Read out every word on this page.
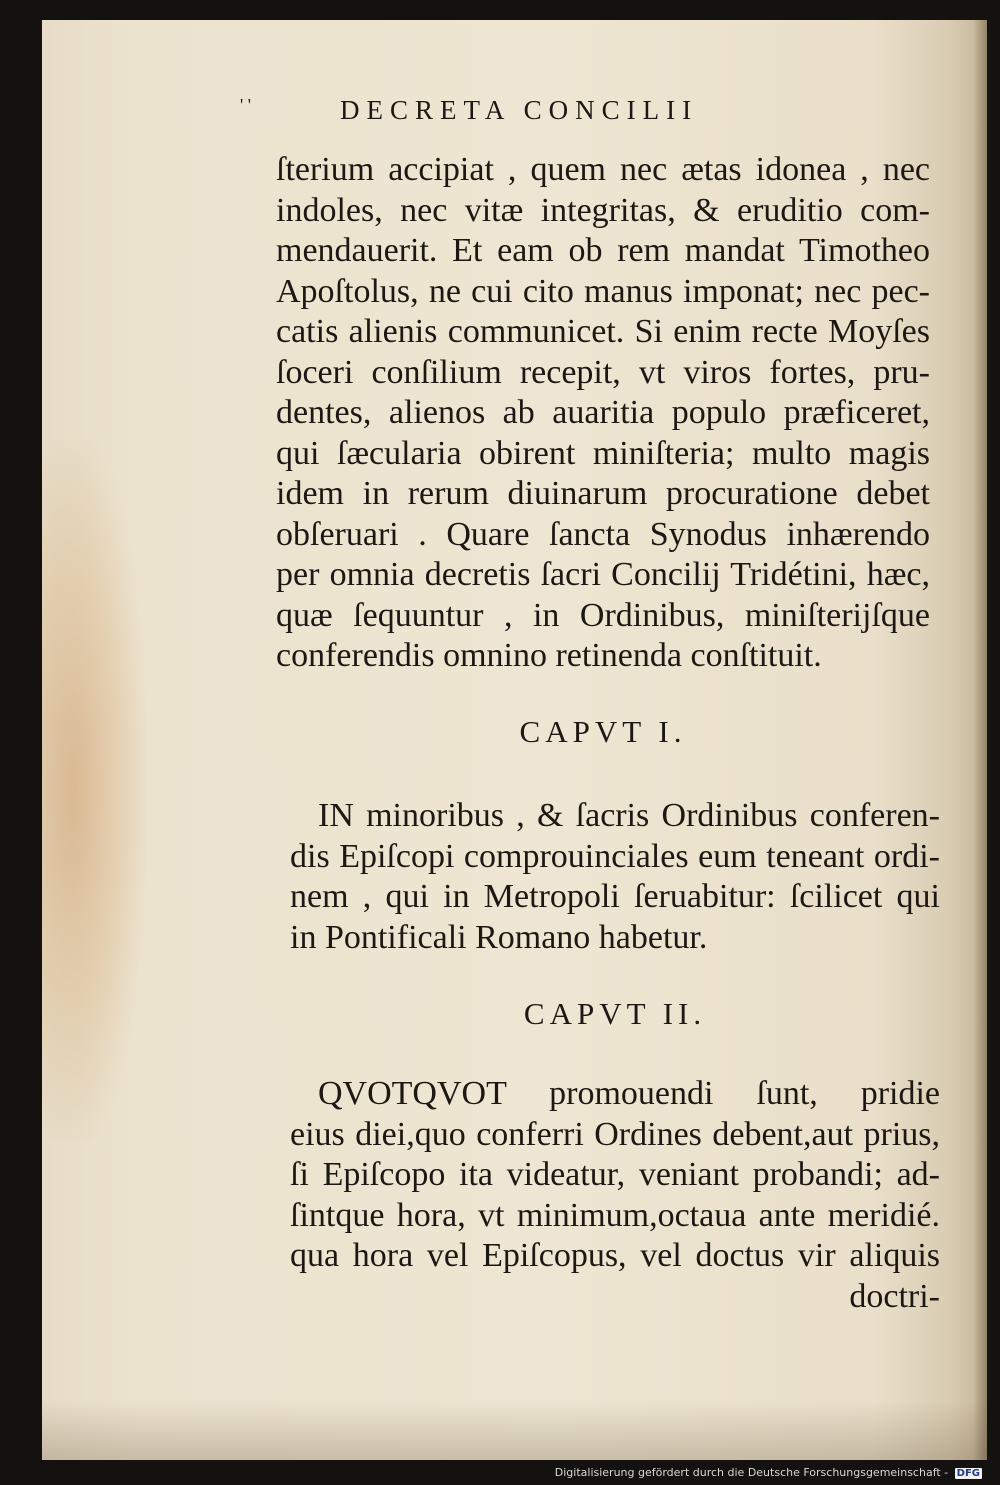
' '	DECRETA CONCILII
ſterium accipiat , quem nec ætas idonea , nec
indoles, nec vitæ integritas, & eruditio com-
mendauerit. Et eam ob rem mandat Timotheo
Apoſtolus, ne cui cito manus imponat; nec pec-
catis alienis communicet. Si enim recte Moyſes
ſoceri conſilium recepit, vt viros fortes, pru-
dentes, alienos ab auaritia populo præficeret,
qui ſæcularia obirent miniſteria; multo magis
idem in rerum diuinarum procuratione debet
obſeruari . Quare ſancta Synodus inhærendo
per omnia decretis ſacri Concilij Tridétini, hæc,
quæ ſequuntur , in Ordinibus, miniſterijſque
conferendis omnino retinenda conſtituit.
CAPVT I.
IN minoribus , & ſacris Ordinibus conferen-
dis Epiſcopi comprouinciales eum teneant ordi-
nem , qui in Metropoli ſeruabitur: ſcilicet qui
in Pontificali Romano habetur.
CAPVT II.
QVOTQVOT promouendi ſunt, pridie
eius diei,quo conferri Ordines debent,aut prius,
ſi Epiſcopo ita videatur, veniant probandi; ad-
ſintque hora, vt minimum,octaua ante meridié.
qua hora vel Epiſcopus, vel doctus vir aliquis
doctri-
Digitalisierung gefördert durch die Deutsche Forschungsgemeinschaft - DFG
